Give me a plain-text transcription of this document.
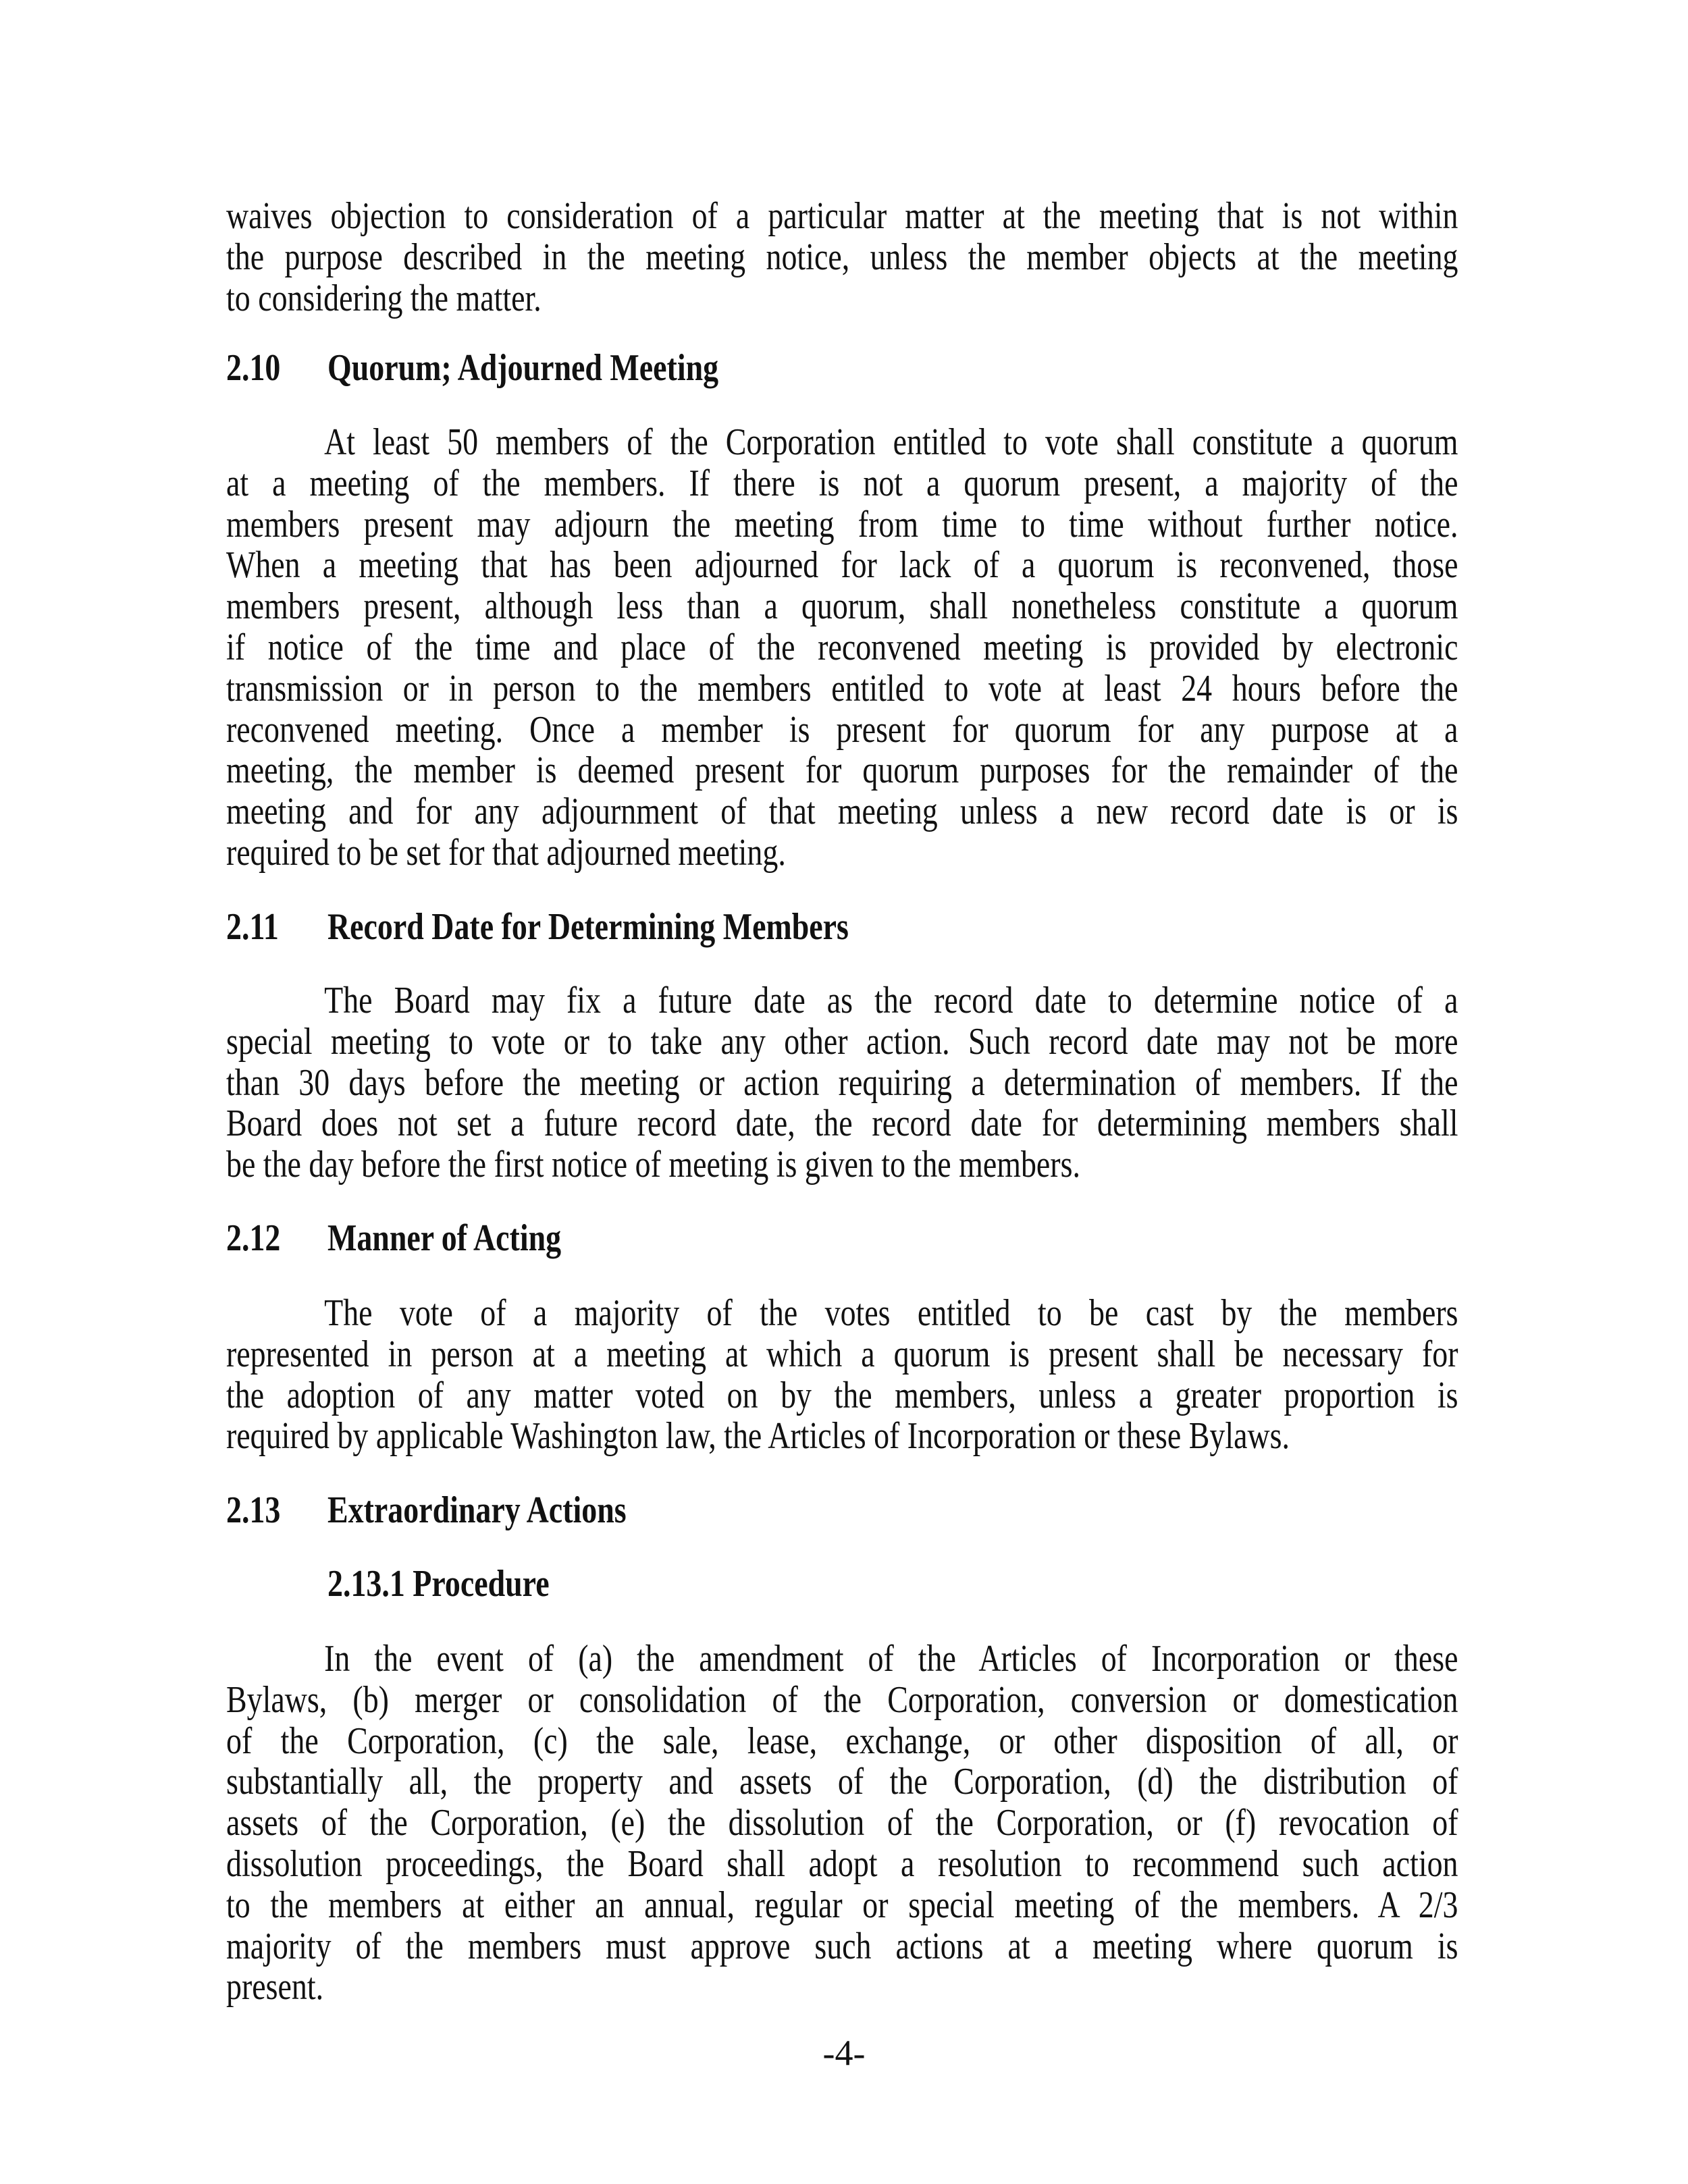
waives objection to consideration of a particular matter at the meeting that is not within
the purpose described in the meeting notice, unless the member objects at the meeting
to considering the matter.
2.10 Quorum; Adjourned Meeting
At least 50 members of the Corporation entitled to vote shall constitute a quorum
at a meeting of the members. If there is not a quorum present, a majority of the
members present may adjourn the meeting from time to time without further notice.
When a meeting that has been adjourned for lack of a quorum is reconvened, those
members present, although less than a quorum, shall nonetheless constitute a quorum
if notice of the time and place of the reconvened meeting is provided by electronic
transmission or in person to the members entitled to vote at least 24 hours before the
reconvened meeting. Once a member is present for quorum for any purpose at a
meeting, the member is deemed present for quorum purposes for the remainder of the
meeting and for any adjournment of that meeting unless a new record date is or is
required to be set for that adjourned meeting.
2.11 Record Date for Determining Members
The Board may fix a future date as the record date to determine notice of a
special meeting to vote or to take any other action. Such record date may not be more
than 30 days before the meeting or action requiring a determination of members. If the
Board does not set a future record date, the record date for determining members shall
be the day before the first notice of meeting is given to the members.
2.12 Manner of Acting
The vote of a majority of the votes entitled to be cast by the members
represented in person at a meeting at which a quorum is present shall be necessary for
the adoption of any matter voted on by the members, unless a greater proportion is
required by applicable Washington law, the Articles of Incorporation or these Bylaws.
2.13 Extraordinary Actions
2.13.1 Procedure
In the event of (a) the amendment of the Articles of Incorporation or these
Bylaws, (b) merger or consolidation of the Corporation, conversion or domestication
of the Corporation, (c) the sale, lease, exchange, or other disposition of all, or
substantially all, the property and assets of the Corporation, (d) the distribution of
assets of the Corporation, (e) the dissolution of the Corporation, or (f) revocation of
dissolution proceedings, the Board shall adopt a resolution to recommend such action
to the members at either an annual, regular or special meeting of the members. A 2/3
majority of the members must approve such actions at a meeting where quorum is
present.
-4-
